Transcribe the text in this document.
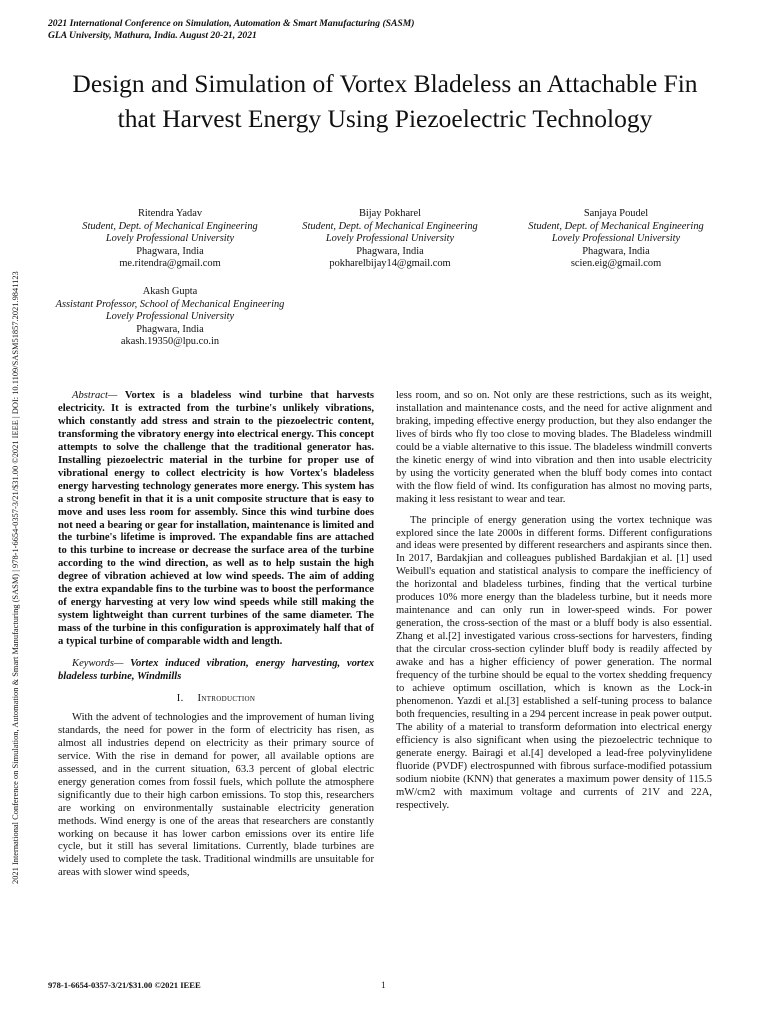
2021 International Conference on Simulation, Automation & Smart Manufacturing (SASM)
GLA University, Mathura, India. August 20-21, 2021
2021 International Conference on Simulation, Automation & Smart Manufacturing (SASM) | 978-1-6654-0357-3/21/$31.00 ©2021 IEEE | DOI: 10.1109/SASM51857.2021.9841123
Design and Simulation of Vortex Bladeless an Attachable Fin that Harvest Energy Using Piezoelectric Technology
Ritendra Yadav
Student, Dept. of Mechanical Engineering
Lovely Professional University
Phagwara, India
me.ritendra@gmail.com
Bijay Pokharel
Student, Dept. of Mechanical Engineering
Lovely Professional University
Phagwara, India
pokharelbijay14@gmail.com
Sanjaya Poudel
Student, Dept. of Mechanical Engineering
Lovely Professional University
Phagwara, India
scien.eig@gmail.com
Akash Gupta
Assistant Professor, School of Mechanical Engineering
Lovely Professional University
Phagwara, India
akash.19350@lpu.co.in

Abstract— Vortex is a bladeless wind turbine that harvests electricity. It is extracted from the turbine's unlikely vibrations, which constantly add stress and strain to the piezoelectric content, transforming the vibratory energy into electrical energy. This concept attempts to solve the challenge that the traditional generator has. Installing piezoelectric material in the turbine for proper use of vibrational energy to collect electricity is how Vortex's bladeless energy harvesting technology generates more energy. This system has a strong benefit in that it is a unit composite structure that is easy to move and uses less room for assembly. Since this wind turbine does not need a bearing or gear for installation, maintenance is limited and the turbine's lifetime is improved. The expandable fins are attached to this turbine to increase or decrease the surface area of the turbine according to the wind direction, as well as to help sustain the high degree of vibration achieved at low wind speeds. The aim of adding the extra expandable fins to the turbine was to boost the performance of energy harvesting at very low wind speeds while still making the system lightweight than current turbines of the same diameter. The mass of the turbine in this configuration is approximately half that of a typical turbine of comparable width and length.

Keywords— Vortex induced vibration, energy harvesting, vortex bladeless turbine, Windmills

I. Introduction

With the advent of technologies and the improvement of human living standards, the need for power in the form of electricity has risen, as almost all industries depend on electricity as their primary source of service. With the rise in demand for power, all available options are assessed, and in the current situation, 63.3 percent of global electric energy generation comes from fossil fuels, which pollute the atmosphere significantly due to their high carbon emissions. To stop this, researchers are working on environmentally sustainable electricity generation methods. Wind energy is one of the areas that researchers are constantly working on because it has lower carbon emissions over its entire life cycle, but it still has several limitations. Currently, blade turbines are widely used to complete the task. Traditional windmills are unsuitable for areas with slower wind speeds,

less room, and so on. Not only are these restrictions, such as its weight, installation and maintenance costs, and the need for active alignment and braking, impeding effective energy production, but they also endanger the lives of birds who fly too close to moving blades. The Bladeless windmill could be a viable alternative to this issue. The bladeless windmill converts the kinetic energy of wind into vibration and then into usable electricity by using the vorticity generated when the bluff body comes into contact with the flow field of wind. Its configuration has almost no moving parts, making it less resistant to wear and tear.

The principle of energy generation using the vortex technique was explored since the late 2000s in different forms. Different configurations and ideas were presented by different researchers and aspirants since then. In 2017, Bardakjian and colleagues published Bardakjian et al. [1] used Weibull's equation and statistical analysis to compare the inefficiency of the horizontal and bladeless turbines, finding that the vertical turbine produces 10% more energy than the bladeless turbine, but it needs more maintenance and can only run in lower-speed winds. For power generation, the cross-section of the mast or a bluff body is also essential. Zhang et al.[2] investigated various cross-sections for harvesters, finding that the circular cross-section cylinder bluff body is readily affected by awake and has a higher efficiency of power generation. The normal frequency of the turbine should be equal to the vortex shedding frequency to achieve optimum oscillation, which is known as the Lock-in phenomenon. Yazdi et al.[3] established a self-tuning process to balance both frequencies, resulting in a 294 percent increase in peak power output. The ability of a material to transform deformation into electrical energy efficiency is also significant when using the piezoelectric technique to generate energy. Bairagi et al.[4] developed a lead-free polyvinylidene fluoride (PVDF) electrospunned with fibrous surface-modified potassium sodium niobite (KNN) that generates a maximum power density of 115.5 mW/cm2 with maximum voltage and currents of 21V and 22A, respectively.

978-1-6654-0357-3/21/$31.00 ©2021 IEEE	1
